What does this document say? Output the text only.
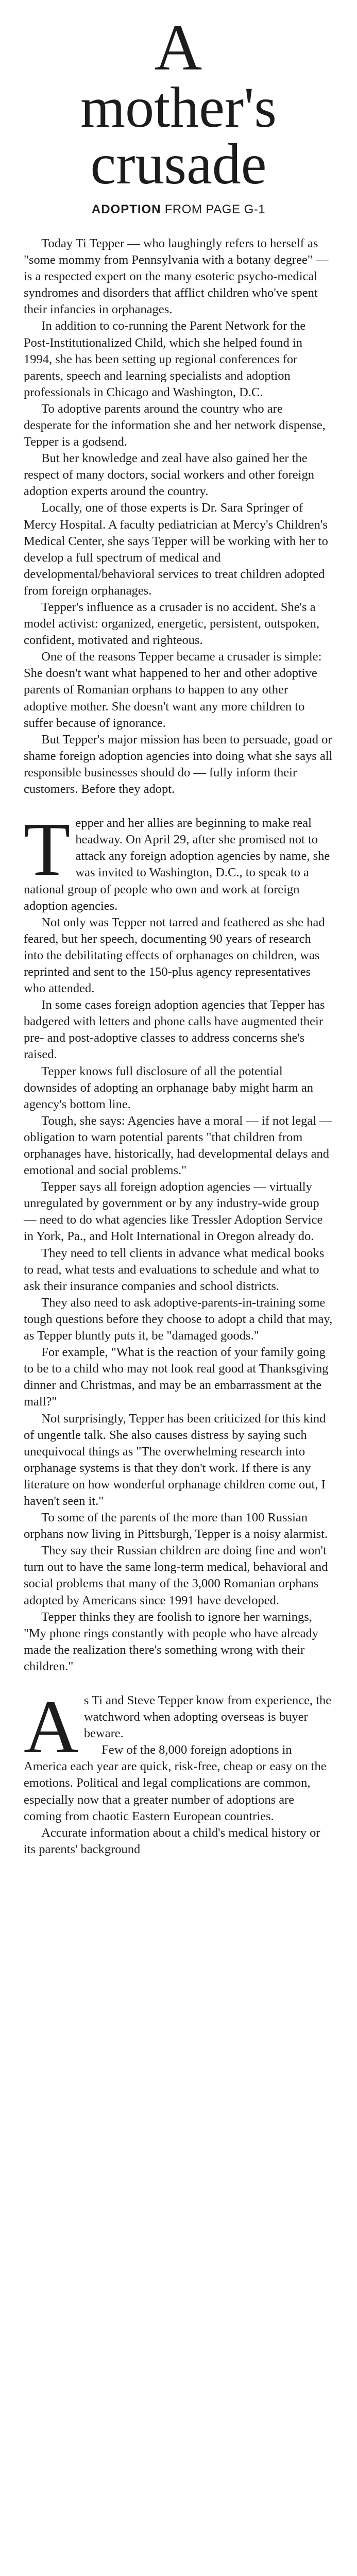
A
mother's
crusade
ADOPTION FROM PAGE G-1

Today Ti Tepper — who laughingly refers to herself as "some mommy from Pennsylvania with a botany degree" — is a respected expert on the many esoteric psycho-medical syndromes and disorders that afflict children who've spent their infancies in orphanages.

In addition to co-running the Parent Network for the Post-Institutionalized Child, which she helped found in 1994, she has been setting up regional conferences for parents, speech and learning specialists and adoption professionals in Chicago and Washington, D.C.

To adoptive parents around the country who are desperate for the information she and her network dispense, Tepper is a godsend.

But her knowledge and zeal have also gained her the respect of many doctors, social workers and other foreign adoption experts around the country.

Locally, one of those experts is Dr. Sara Springer of Mercy Hospital. A faculty pediatrician at Mercy's Children's Medical Center, she says Tepper will be working with her to develop a full spectrum of medical and developmental/behavioral services to treat children adopted from foreign orphanages.

Tepper's influence as a crusader is no accident. She's a model activist: organized, energetic, persistent, outspoken, confident, motivated and righteous.

One of the reasons Tepper became a crusader is simple: She doesn't want what happened to her and other adoptive parents of Romanian orphans to happen to any other adoptive mother. She doesn't want any more children to suffer because of ignorance.

But Tepper's major mission has been to persuade, goad or shame foreign adoption agencies into doing what she says all responsible businesses should do — fully inform their customers. Before they adopt.

Tepper and her allies are beginning to make real headway. On April 29, after she promised not to attack any foreign adoption agencies by name, she was invited to Washington, D.C., to speak to a national group of people who own and work at foreign adoption agencies.

Not only was Tepper not tarred and feathered as she had feared, but her speech, documenting 90 years of research into the debilitating effects of orphanages on children, was reprinted and sent to the 150-plus agency representatives who attended.

In some cases foreign adoption agencies that Tepper has badgered with letters and phone calls have augmented their pre- and post-adoptive classes to address concerns she's raised.

Tepper knows full disclosure of all the potential downsides of adopting an orphanage baby might harm an agency's bottom line.

Tough, she says: Agencies have a moral — if not legal — obligation to warn potential parents "that children from orphanages have, historically, had developmental delays and emotional and social problems."

Tepper says all foreign adoption agencies — virtually unregulated by government or by any industry-wide group — need to do what agencies like Tressler Adoption Service in York, Pa., and Holt International in Oregon already do.

They need to tell clients in advance what medical books to read, what tests and evaluations to schedule and what to ask their insurance companies and school districts.

They also need to ask adoptive-parents-in-training some tough questions before they choose to adopt a child that may, as Tepper bluntly puts it, be "damaged goods."

For example, "What is the reaction of your family going to be to a child who may not look real good at Thanksgiving dinner and Christmas, and may be an embarrassment at the mall?"

Not surprisingly, Tepper has been criticized for this kind of ungentle talk. She also causes distress by saying such unequivocal things as "The overwhelming research into orphanage systems is that they don't work. If there is any literature on how wonderful orphanage children come out, I haven't seen it."

To some of the parents of the more than 100 Russian orphans now living in Pittsburgh, Tepper is a noisy alarmist.

They say their Russian children are doing fine and won't turn out to have the same long-term medical, behavioral and social problems that many of the 3,000 Romanian orphans adopted by Americans since 1991 have developed.

Tepper thinks they are foolish to ignore her warnings, "My phone rings constantly with people who have already made the realization there's something wrong with their children."

As Ti and Steve Tepper know from experience, the watchword when adopting overseas is buyer beware.

Few of the 8,000 foreign adoptions in America each year are quick, risk-free, cheap or easy on the emotions. Political and legal complications are common, especially now that a greater number of adoptions are coming from chaotic Eastern European countries.

Accurate information about a child's medical history or its parents' background
